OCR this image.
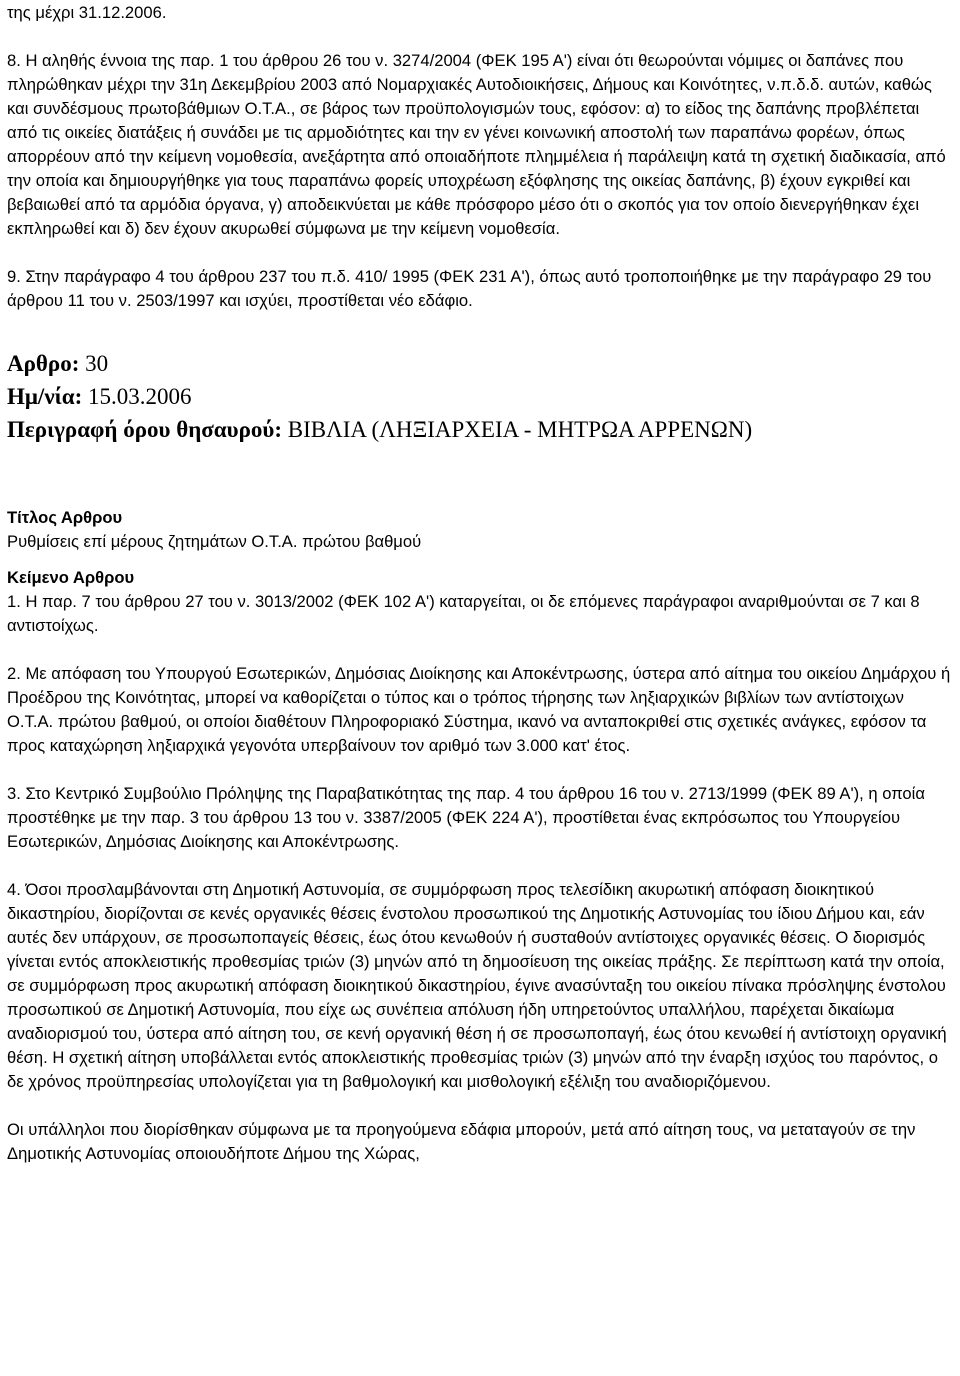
της μέχρι 31.12.2006.

8. Η αληθής έννοια της παρ. 1 του άρθρου 26 του ν. 3274/2004 (ΦΕΚ 195 Α') είναι ότι θεωρούνται νόμιμες οι δαπάνες που πληρώθηκαν μέχρι την 31η Δεκεμβρίου 2003 από Νομαρχιακές Αυτοδιοικήσεις, Δήμους και Κοινότητες, ν.π.δ.δ. αυτών, καθώς και συνδέσμους πρωτοβάθμιων Ο.Τ.Α., σε βάρος των προϋπολογισμών τους, εφόσον: α) το είδος της δαπάνης προβλέπεται από τις οικείες διατάξεις ή συνάδει με τις αρμοδιότητες και την εν γένει κοινωνική αποστολή των παραπάνω φορέων, όπως απορρέουν από την κείμενη νομοθεσία, ανεξάρτητα από οποιαδήποτε πλημμέλεια ή παράλειψη κατά τη σχετική διαδικασία, από την οποία και δημιουργήθηκε για τους παραπάνω φορείς υποχρέωση εξόφλησης της οικείας δαπάνης, β) έχουν εγκριθεί και βεβαιωθεί από τα αρμόδια όργανα, γ) αποδεικνύεται με κάθε πρόσφορο μέσο ότι ο σκοπός για τον οποίο διενεργήθηκαν έχει εκπληρωθεί και δ) δεν έχουν ακυρωθεί σύμφωνα με την κείμενη νομοθεσία.

9. Στην παράγραφο 4 του άρθρου 237 του π.δ. 410/ 1995 (ΦΕΚ 231 Α'), όπως αυτό τροποποιήθηκε με την παράγραφο 29 του άρθρου 11 του ν. 2503/1997 και ισχύει, προστίθεται νέο εδάφιο.

Αρθρο: 30

Ημ/νία: 15.03.2006

Περιγραφή όρου θησαυρού: ΒΙΒΛΙΑ (ΛΗΞΙΑΡΧΕΙΑ - ΜΗΤΡΩΑ ΑΡΡΕΝΩΝ)

Τίτλος Αρθρου

Ρυθμίσεις επί μέρους ζητημάτων Ο.Τ.Α. πρώτου βαθμού

Κείμενο Αρθρου

1. Η παρ. 7 του άρθρου 27 του ν. 3013/2002 (ΦΕΚ 102 Α') καταργείται, οι δε επόμενες παράγραφοι αναριθμούνται σε 7 και 8 αντιστοίχως.

2. Με απόφαση του Υπουργού Εσωτερικών, Δημόσιας Διοίκησης και Αποκέντρωσης, ύστερα από αίτημα του οικείου Δημάρχου ή Προέδρου της Κοινότητας, μπορεί να καθορίζεται ο τύπος και ο τρόπος τήρησης των ληξιαρχικών βιβλίων των αντίστοιχων Ο.Τ.Α. πρώτου βαθμού, οι οποίοι διαθέτουν Πληροφοριακό Σύστημα, ικανό να ανταποκριθεί στις σχετικές ανάγκες, εφόσον τα προς καταχώρηση ληξιαρχικά γεγονότα υπερβαίνουν τον αριθμό των 3.000 κατ' έτος.

3. Στο Κεντρικό Συμβούλιο Πρόληψης της Παραβατικότητας της παρ. 4 του άρθρου 16 του ν. 2713/1999 (ΦΕΚ 89 Α'), η οποία προστέθηκε με την παρ. 3 του άρθρου 13 του ν. 3387/2005 (ΦΕΚ 224 Α'), προστίθεται ένας εκπρόσωπος του Υπουργείου Εσωτερικών, Δημόσιας Διοίκησης και Αποκέντρωσης.

4. Όσοι προσλαμβάνονται στη Δημοτική Αστυνομία, σε συμμόρφωση προς τελεσίδικη ακυρωτική απόφαση διοικητικού δικαστηρίου, διορίζονται σε κενές οργανικές θέσεις ένστολου προσωπικού της Δημοτικής Αστυνομίας του ίδιου Δήμου και, εάν αυτές δεν υπάρχουν, σε προσωποπαγείς θέσεις, έως ότου κενωθούν ή συσταθούν αντίστοιχες οργανικές θέσεις. Ο διορισμός γίνεται εντός αποκλειστικής προθεσμίας τριών (3) μηνών από τη δημοσίευση της οικείας πράξης. Σε περίπτωση κατά την οποία, σε συμμόρφωση προς ακυρωτική απόφαση διοικητικού δικαστηρίου, έγινε ανασύνταξη του οικείου πίνακα πρόσληψης ένστολου προσωπικού σε Δημοτική Αστυνομία, που είχε ως συνέπεια απόλυση ήδη υπηρετούντος υπαλλήλου, παρέχεται δικαίωμα αναδιορισμού του, ύστερα από αίτηση του, σε κενή οργανική θέση ή σε προσωποπαγή, έως ότου κενωθεί ή αντίστοιχη οργανική θέση. Η σχετική αίτηση υποβάλλεται εντός αποκλειστικής προθεσμίας τριών (3) μηνών από την έναρξη ισχύος του παρόντος, ο δε χρόνος προϋπηρεσίας υπολογίζεται για τη βαθμολογική και μισθολογική εξέλιξη του αναδιοριζόμενου.

Οι υπάλληλοι που διορίσθηκαν σύμφωνα με τα προηγούμενα εδάφια μπορούν, μετά από αίτηση τους, να μεταταγούν σε την Δημοτικής Αστυνομίας οποιουδήποτε Δήμου της Χώρας,
